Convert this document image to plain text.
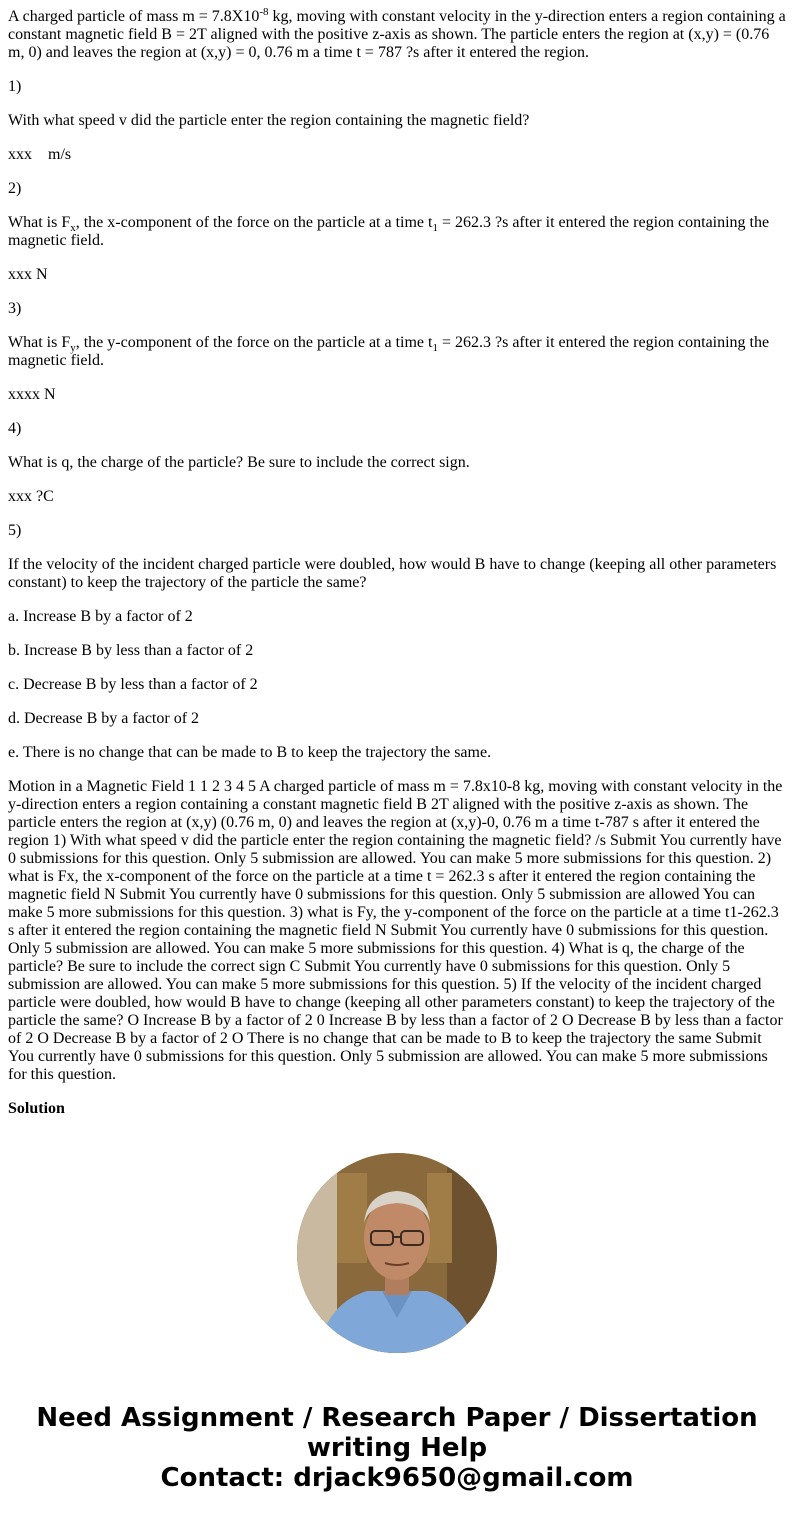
A charged particle of mass $m = 7.8X10^{-8}$ kg, moving with constant velocity in the y-direction enters a region containing a constant magnetic field B = 2T aligned with the positive z-axis as shown. The particle enters the region at (x,y) = (0.76 m, 0) and leaves the region at (x,y) = 0, 0.76 m a time t = 787 ?s after it entered the region.

1)

With what speed v did the particle enter the region containing the magnetic field?

xxx m/s

2)

What is $F_x$, the x-component of the force on the particle at a time $t_1 = 262.3$ ?s after it entered the region containing the magnetic field.

xxx N

3)

What is $F_y$, the y-component of the force on the particle at a time $t_1 = 262.3$ ?s after it entered the region containing the magnetic field.

xxxx N

4)

What is q, the charge of the particle? Be sure to include the correct sign.

xxx ?C

5)

If the velocity of the incident charged particle were doubled, how would B have to change (keeping all other parameters constant) to keep the trajectory of the particle the same?

a. Increase B by a factor of 2

b. Increase B by less than a factor of 2

c. Decrease B by less than a factor of 2

d. Decrease B by a factor of 2

e. There is no change that can be made to B to keep the trajectory the same.

Motion in a Magnetic Field 1 1 2 3 4 5 A charged particle of mass m = 7.8x10-8 kg, moving with constant velocity in the y-direction enters a region containing a constant magnetic field B 2T aligned with the positive z-axis as shown. The particle enters the region at (x,y) (0.76 m, 0) and leaves the region at (x,y)-0, 0.76 m a time t-787 s after it entered the region 1) With what speed v did the particle enter the region containing the magnetic field? /s Submit You currently have 0 submissions for this question. Only 5 submission are allowed. You can make 5 more submissions for this question. 2) what is Fx, the x-component of the force on the particle at a time t = 262.3 s after it entered the region containing the magnetic field N Submit You currently have 0 submissions for this question. Only 5 submission are allowed You can make 5 more submissions for this question. 3) what is Fy, the y-component of the force on the particle at a time t1-262.3 s after it entered the region containing the magnetic field N Submit You currently have 0 submissions for this question. Only 5 submission are allowed. You can make 5 more submissions for this question. 4) What is q, the charge of the particle? Be sure to include the correct sign C Submit You currently have 0 submissions for this question. Only 5 submission are allowed. You can make 5 more submissions for this question. 5) If the velocity of the incident charged particle were doubled, how would B have to change (keeping all other parameters constant) to keep the trajectory of the particle the same? O Increase B by a factor of 2 0 Increase B by less than a factor of 2 O Decrease B by less than a factor of 2 O Decrease B by a factor of 2 O There is no change that can be made to B to keep the trajectory the same Submit You currently have 0 submissions for this question. Only 5 submission are allowed. You can make 5 more submissions for this question.

Solution
Need Assignment / Research Paper / Dissertation writing Help
Contact: drjack9650@gmail.com
